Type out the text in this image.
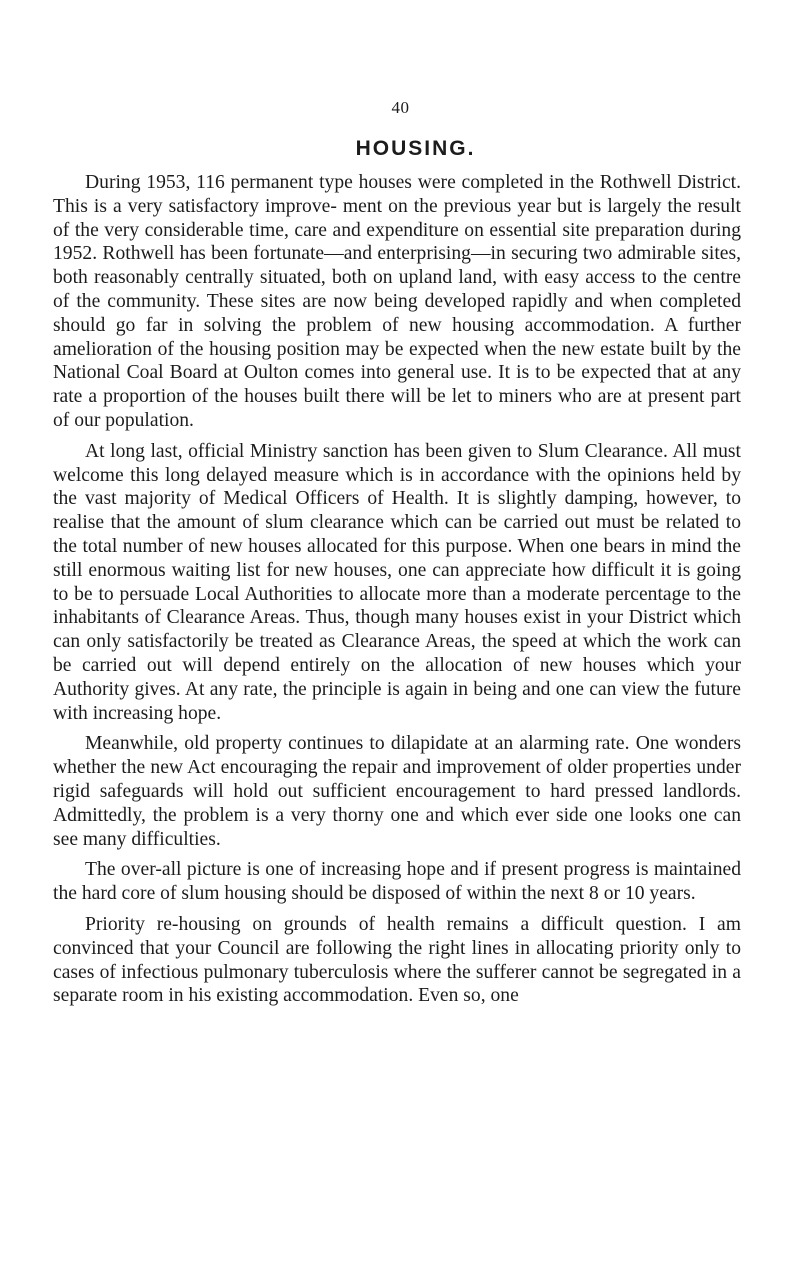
40
HOUSING.

During 1953, 116 permanent type houses were completed in the Rothwell District. This is a very satisfactory improve- ment on the previous year but is largely the result of the very considerable time, care and expenditure on essential site preparation during 1952. Rothwell has been fortunate—and enterprising—in securing two admirable sites, both reasonably centrally situated, both on upland land, with easy access to the centre of the community. These sites are now being developed rapidly and when completed should go far in solving the problem of new housing accommodation. A further amelioration of the housing position may be expected when the new estate built by the National Coal Board at Oulton comes into general use. It is to be expected that at any rate a proportion of the houses built there will be let to miners who are at present part of our population.

At long last, official Ministry sanction has been given to Slum Clearance. All must welcome this long delayed measure which is in accordance with the opinions held by the vast majority of Medical Officers of Health. It is slightly damping, however, to realise that the amount of slum clearance which can be carried out must be related to the total number of new houses allocated for this purpose. When one bears in mind the still enormous waiting list for new houses, one can appreciate how difficult it is going to be to persuade Local Authorities to allocate more than a moderate percentage to the inhabitants of Clearance Areas. Thus, though many houses exist in your District which can only satisfactorily be treated as Clearance Areas, the speed at which the work can be carried out will depend entirely on the allocation of new houses which your Authority gives. At any rate, the principle is again in being and one can view the future with increasing hope.

Meanwhile, old property continues to dilapidate at an alarming rate. One wonders whether the new Act encouraging the repair and improvement of older properties under rigid safeguards will hold out sufficient encouragement to hard pressed landlords. Admittedly, the problem is a very thorny one and which ever side one looks one can see many difficulties.

The over-all picture is one of increasing hope and if present progress is maintained the hard core of slum housing should be disposed of within the next 8 or 10 years.

Priority re-housing on grounds of health remains a difficult question. I am convinced that your Council are following the right lines in allocating priority only to cases of infectious pulmonary tuberculosis where the sufferer cannot be segregated in a separate room in his existing accommodation. Even so, one
